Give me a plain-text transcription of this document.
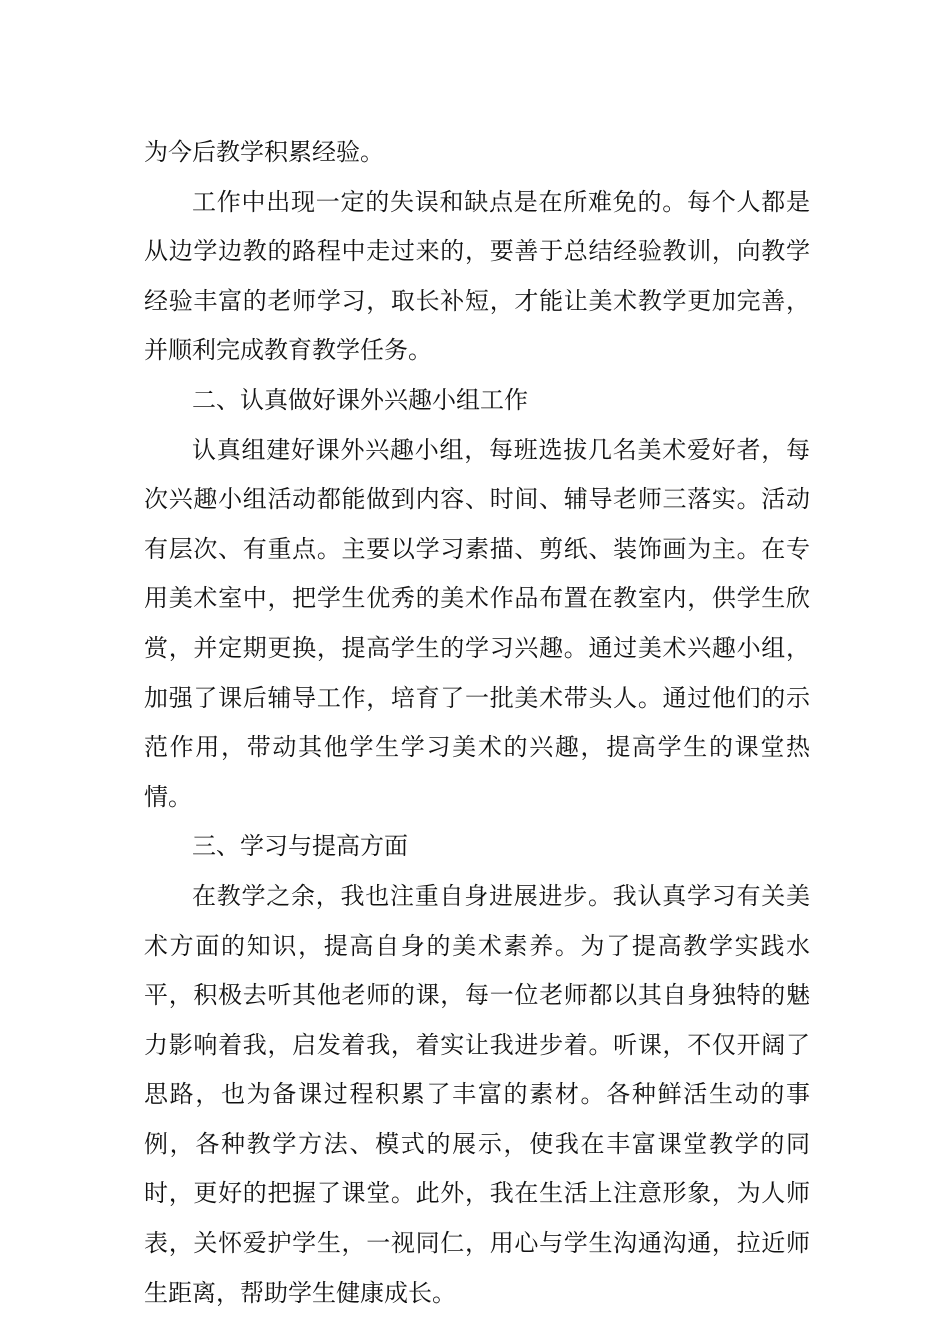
为今后教学积累经验。

工作中出现一定的失误和缺点是在所难免的。每个人都是从边学边教的路程中走过来的，要善于总结经验教训，向教学经验丰富的老师学习，取长补短，才能让美术教学更加完善，并顺利完成教育教学任务。

二、认真做好课外兴趣小组工作

认真组建好课外兴趣小组，每班选拔几名美术爱好者，每次兴趣小组活动都能做到内容、时间、辅导老师三落实。活动有层次、有重点。主要以学习素描、剪纸、装饰画为主。在专用美术室中，把学生优秀的美术作品布置在教室内，供学生欣赏，并定期更换，提高学生的学习兴趣。通过美术兴趣小组，加强了课后辅导工作，培育了一批美术带头人。通过他们的示范作用，带动其他学生学习美术的兴趣，提高学生的课堂热情。

三、学习与提高方面

在教学之余，我也注重自身进展进步。我认真学习有关美术方面的知识，提高自身的美术素养。为了提高教学实践水平，积极去听其他老师的课，每一位老师都以其自身独特的魅力影响着我，启发着我，着实让我进步着。听课，不仅开阔了思路，也为备课过程积累了丰富的素材。各种鲜活生动的事例，各种教学方法、模式的展示，使我在丰富课堂教学的同时，更好的把握了课堂。此外，我在生活上注意形象，为人师表，关怀爱护学生，一视同仁，用心与学生沟通沟通，拉近师生距离，帮助学生健康成长。
